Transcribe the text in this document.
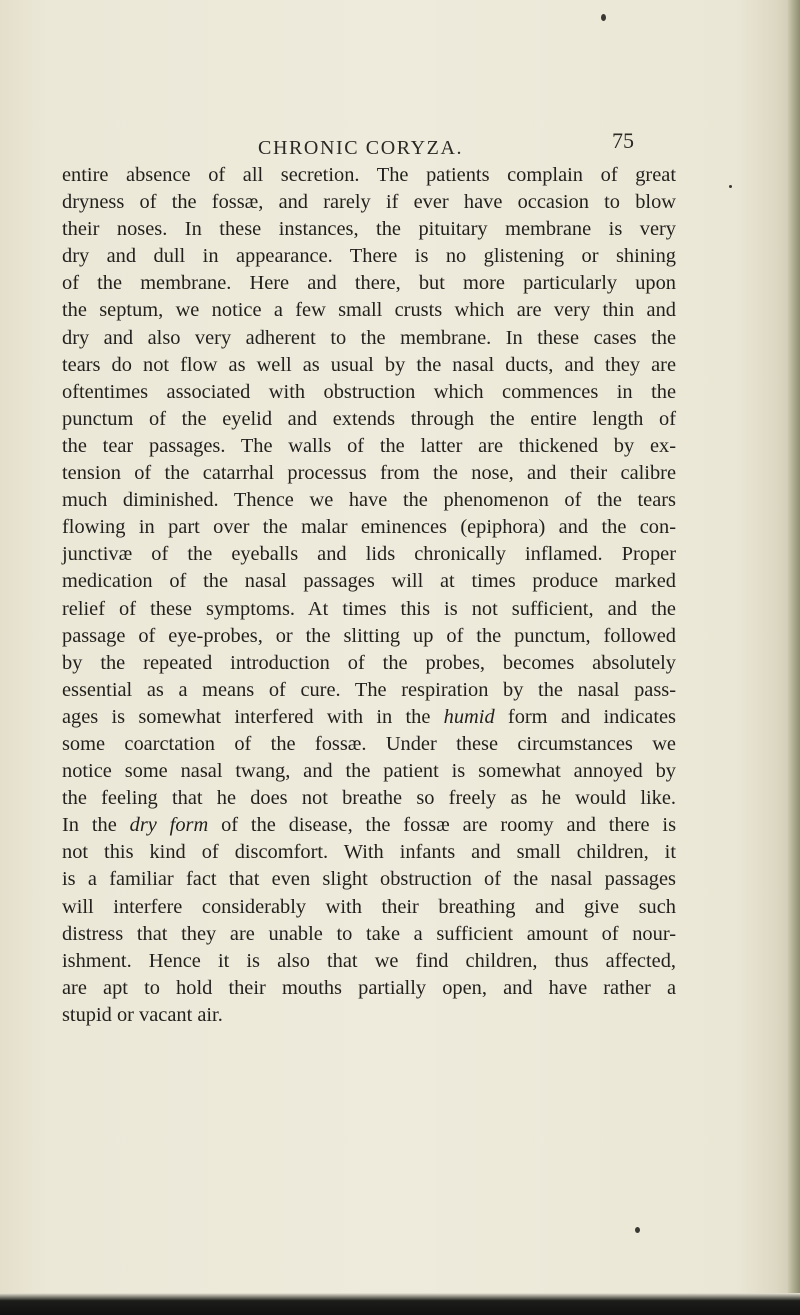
CHRONIC CORYZA.	75
entire absence of all secretion. The patients complain of great
dryness of the fossæ, and rarely if ever have occasion to blow
their noses. In these instances, the pituitary membrane is very
dry and dull in appearance. There is no glistening or shining
of the membrane. Here and there, but more particularly upon
the septum, we notice a few small crusts which are very thin and
dry and also very adherent to the membrane. In these cases the
tears do not flow as well as usual by the nasal ducts, and they are
oftentimes associated with obstruction which commences in the
punctum of the eyelid and extends through the entire length of
the tear passages. The walls of the latter are thickened by ex-
tension of the catarrhal processus from the nose, and their calibre
much diminished. Thence we have the phenomenon of the tears
flowing in part over the malar eminences (epiphora) and the con-
junctivæ of the eyeballs and lids chronically inflamed. Proper
medication of the nasal passages will at times produce marked
relief of these symptoms. At times this is not sufficient, and the
passage of eye-probes, or the slitting up of the punctum, followed
by the repeated introduction of the probes, becomes absolutely
essential as a means of cure. The respiration by the nasal pass-
ages is somewhat interfered with in the humid form and indicates
some coarctation of the fossæ. Under these circumstances we
notice some nasal twang, and the patient is somewhat annoyed by
the feeling that he does not breathe so freely as he would like.
In the dry form of the disease, the fossæ are roomy and there is
not this kind of discomfort. With infants and small children, it
is a familiar fact that even slight obstruction of the nasal passages
will interfere considerably with their breathing and give such
distress that they are unable to take a sufficient amount of nour-
ishment. Hence it is also that we find children, thus affected,
are apt to hold their mouths partially open, and have rather a
stupid or vacant air.
